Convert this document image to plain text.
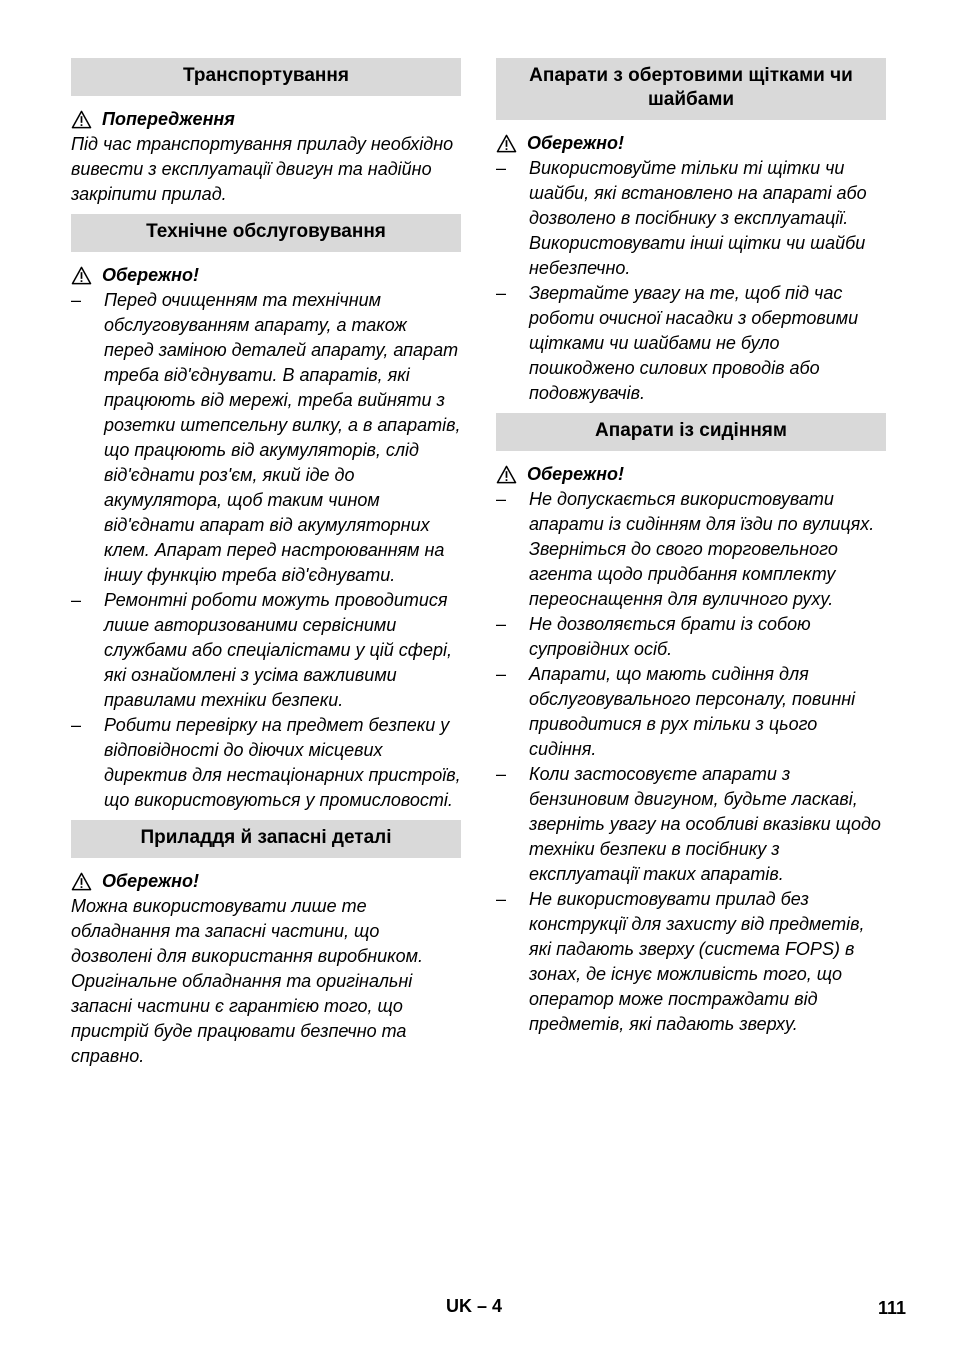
Транспортування
Попередження

Під час транспортування приладу необхідно вивести з експлуатації двигун та надійно закріпити прилад.

Технічне обслуговування
Обережно!
–	Перед очищенням та технічним обслуговуванням апарату, а також перед заміною деталей апарату, апарат треба від'єднувати. В апаратів, які працюють від мережі, треба вийняти з розетки штепсельну вилку, а в апаратів, що працюють від акумуляторів, слід від'єднати роз'єм, який іде до акумулятора, щоб таким чином від'єднати апарат від акумуляторних клем. Апарат перед настроюванням на іншу функцію треба від'єднувати.
–	Ремонтні роботи можуть проводитися лише авторизованими сервісними службами або спеціалістами у цій сфері, які ознайомлені з усіма важливими правилами техніки безпеки.
–	Робити перевірку на предмет безпеки у відповідності до діючих місцевих директив для нестаціонарних пристроїв, що використовуються у промисловості.
Приладдя й запасні деталі
Обережно!

Можна використовувати лише те обладнання та запасні частини, що дозволені для використання виробником. Оригінальне обладнання та оригінальні запасні частини є гарантією того, що пристрій буде працювати безпечно та справно.

Апарати з обертовими щітками чи шайбами
Обережно!
–	Використовуйте тільки ті щітки чи шайби, які встановлено на апараті або дозволено в посібнику з експлуатації. Використовувати інші щітки чи шайби небезпечно.
–	Звертайте увагу на те, щоб під час роботи очисної насадки з обертовими щітками чи шайбами не було пошкоджено силових проводів або подовжувачів.
Апарати із сидінням
Обережно!
–	Не допускається використовувати апарати із сидінням для їзди по вулицях. Зверніться до свого торговельного агента щодо придбання комплекту переоснащення для вуличного руху.
–	Не дозволяється брати із собою супровідних осіб.
–	Апарати, що мають сидіння для обслуговувального персоналу, повинні приводитися в рух тільки з цього сидіння.
–	Коли застосовуєте апарати з бензиновим двигуном, будьте ласкаві, зверніть увагу на особливі вказівки щодо техніки безпеки в посібнику з експлуатації таких апаратів.
–	Не використовувати прилад без конструкції для захисту від предметів, які падають зверху (система FOPS) в зонах, де існує можливість того, що оператор може постраждати від предметів, які падають зверху.
UK – 4	111
